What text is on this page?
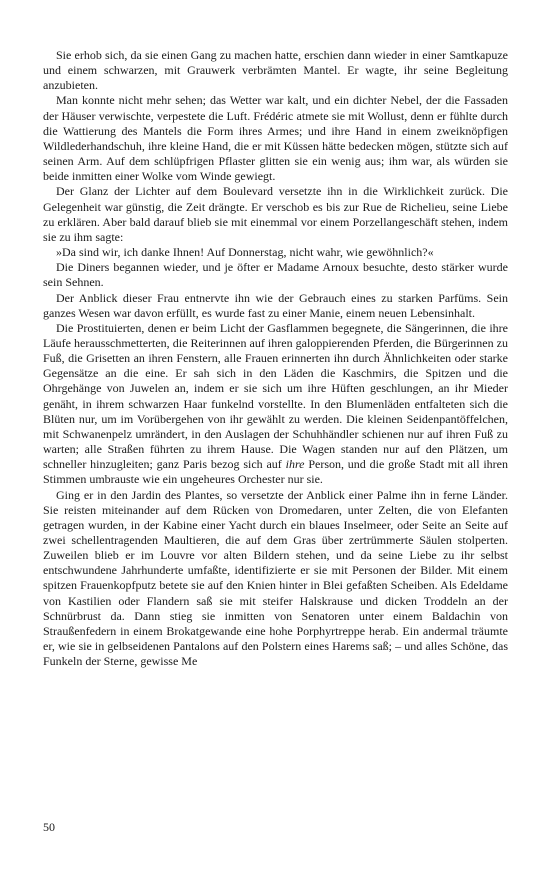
Sie erhob sich, da sie einen Gang zu machen hatte, erschien dann wieder in einer Samtkapuze und einem schwarzen, mit Grauwerk verbrämten Mantel. Er wagte, ihr seine Begleitung anzubieten.

Man konnte nicht mehr sehen; das Wetter war kalt, und ein dichter Nebel, der die Fassaden der Häuser verwischte, verpestete die Luft. Frédéric atmete sie mit Wollust, denn er fühlte durch die Wattierung des Mantels die Form ihres Armes; und ihre Hand in einem zweiknöpfigen Wildlederhandschuh, ihre kleine Hand, die er mit Küssen hätte bedecken mögen, stützte sich auf seinen Arm. Auf dem schlüpfrigen Pflaster glitten sie ein wenig aus; ihm war, als würden sie beide inmitten einer Wolke vom Winde gewiegt.

Der Glanz der Lichter auf dem Boulevard versetzte ihn in die Wirklichkeit zurück. Die Gelegenheit war günstig, die Zeit drängte. Er verschob es bis zur Rue de Richelieu, seine Liebe zu erklären. Aber bald darauf blieb sie mit einemmal vor einem Porzellangeschäft stehen, indem sie zu ihm sagte:

»Da sind wir, ich danke Ihnen! Auf Donnerstag, nicht wahr, wie gewöhnlich?«

Die Diners begannen wieder, und je öfter er Madame Arnoux besuchte, desto stärker wurde sein Sehnen.

Der Anblick dieser Frau entnervte ihn wie der Gebrauch eines zu starken Parfüms. Sein ganzes Wesen war davon erfüllt, es wurde fast zu einer Manie, einem neuen Lebensinhalt.

Die Prostituierten, denen er beim Licht der Gasflammen begegnete, die Sängerinnen, die ihre Läufe herausschmetterten, die Reiterinnen auf ihren galoppierenden Pferden, die Bürgerinnen zu Fuß, die Grisetten an ihren Fenstern, alle Frauen erinnerten ihn durch Ähnlichkeiten oder starke Gegensätze an die eine. Er sah sich in den Läden die Kaschmirs, die Spitzen und die Ohrgehänge von Juwelen an, indem er sie sich um ihre Hüften geschlungen, an ihr Mieder genäht, in ihrem schwarzen Haar funkelnd vorstellte. In den Blumenläden entfalteten sich die Blüten nur, um im Vorübergehen von ihr gewählt zu werden. Die kleinen Seidenpantöffelchen, mit Schwanenpelz umrändert, in den Auslagen der Schuhhändler schienen nur auf ihren Fuß zu warten; alle Straßen führten zu ihrem Hause. Die Wagen standen nur auf den Plätzen, um schneller hinzugleiten; ganz Paris bezog sich auf ihre Person, und die große Stadt mit all ihren Stimmen umbrauste wie ein ungeheures Orchester nur sie.

Ging er in den Jardin des Plantes, so versetzte der Anblick einer Palme ihn in ferne Länder. Sie reisten miteinander auf dem Rücken von Dromedaren, unter Zelten, die von Elefanten getragen wurden, in der Kabine einer Yacht durch ein blaues Inselmeer, oder Seite an Seite auf zwei schellentragenden Maultieren, die auf dem Gras über zertrümmerte Säulen stolperten. Zuweilen blieb er im Louvre vor alten Bildern stehen, und da seine Liebe zu ihr selbst entschwundene Jahrhunderte umfaßte, identifizierte er sie mit Personen der Bilder. Mit einem spitzen Frauenkopfputz betete sie auf den Knien hinter in Blei gefaßten Scheiben. Als Edeldame von Kastilien oder Flandern saß sie mit steifer Halskrause und dicken Troddeln an der Schnürbrust da. Dann stieg sie inmitten von Senatoren unter einem Baldachin von Straußenfedern in einem Brokatgewande eine hohe Porphyrtreppe herab. Ein andermal träumte er, wie sie in gelbseidenen Pantalons auf den Polstern eines Harems saß; – und alles Schöne, das Funkeln der Sterne, gewisse Me

50
